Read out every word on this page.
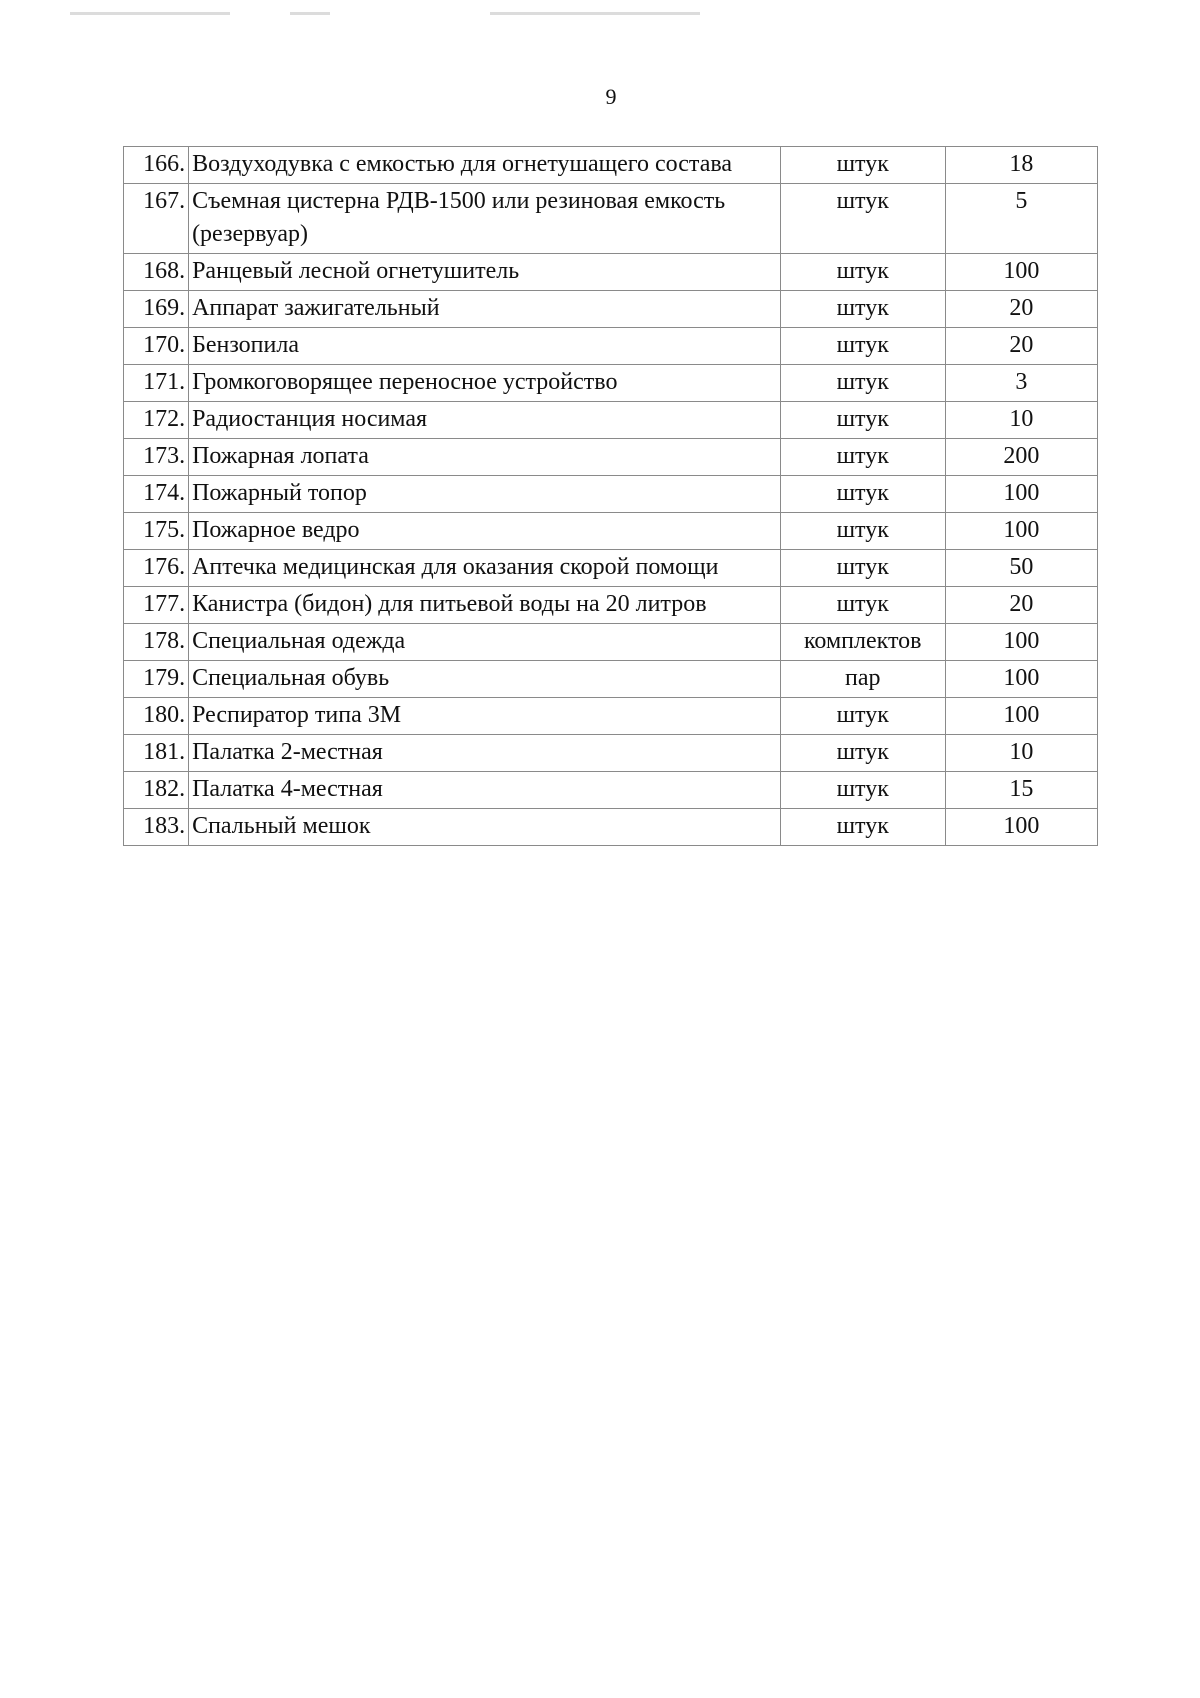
9
166.	Воздуходувка с емкостью для огнетушащего состава	штук	18
167.	Съемная цистерна РДВ-1500 или резиновая емкость (резервуар)	штук	5
168.	Ранцевый лесной огнетушитель	штук	100
169.	Аппарат зажигательный	штук	20
170.	Бензопила	штук	20
171.	Громкоговорящее переносное устройство	штук	3
172.	Радиостанция носимая	штук	10
173.	Пожарная лопата	штук	200
174.	Пожарный топор	штук	100
175.	Пожарное ведро	штук	100
176.	Аптечка медицинская для оказания скорой помощи	штук	50
177.	Канистра (бидон) для питьевой воды на 20 литров	штук	20
178.	Специальная одежда	комплектов	100
179.	Специальная обувь	пар	100
180.	Респиратор типа 3М	штук	100
181.	Палатка 2-местная	штук	10
182.	Палатка 4-местная	штук	15
183.	Спальный мешок	штук	100
